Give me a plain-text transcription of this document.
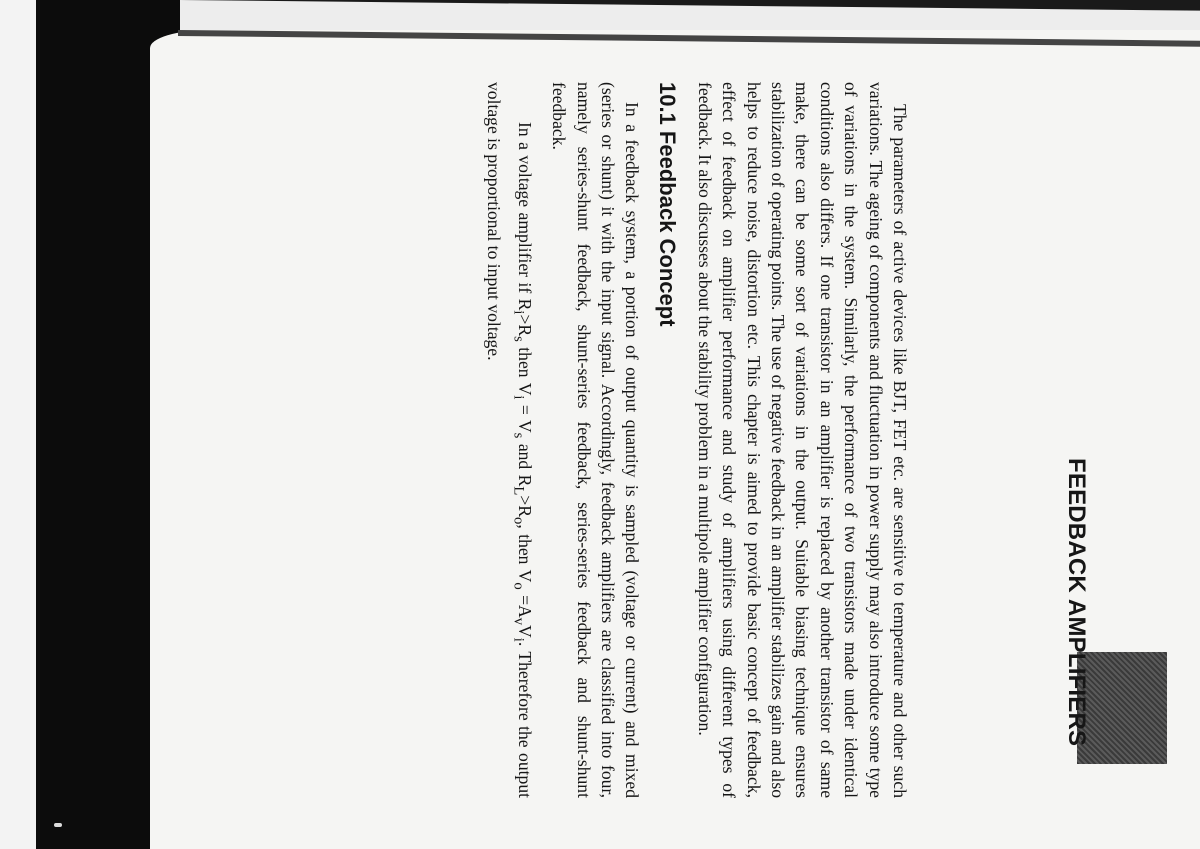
FEEDBACK AMPLIFIERS

The parameters of active devices like BJT, FET etc. are sensitive to temperature and other such variations. The ageing of components and fluctuation in power supply may also introduce some type of variations in the system. Similarly, the performance of two transistors made under identical conditions also differs. If one transistor in an amplifier is replaced by another transistor of same make, there can be some sort of variations in the output. Suitable biasing technique ensures stabilization of operating points. The use of negative feedback in an amplifier stabilizes gain and also helps to reduce noise, distortion etc. This chapter is aimed to provide basic concept of feedback, effect of feedback on amplifier performance and study of amplifiers using different types of feedback. It also discusses about the stability problem in a multipole amplifier configuration.

10.1 Feedback Concept

In a feedback system, a portion of output quantity is sampled (voltage or current) and mixed (series or shunt) it with the input signal. Accordingly, feedback amplifiers are classified into four, namely series-shunt feedback, shunt-series feedback, series-series feedback and shunt-shunt feedback.

In a voltage amplifier if $R_i>R_s$ then $V_i = V_s$ and $R_L>R_o$, then $V_o =A_vV_i$. Therefore the output voltage is proportional to input voltage.
